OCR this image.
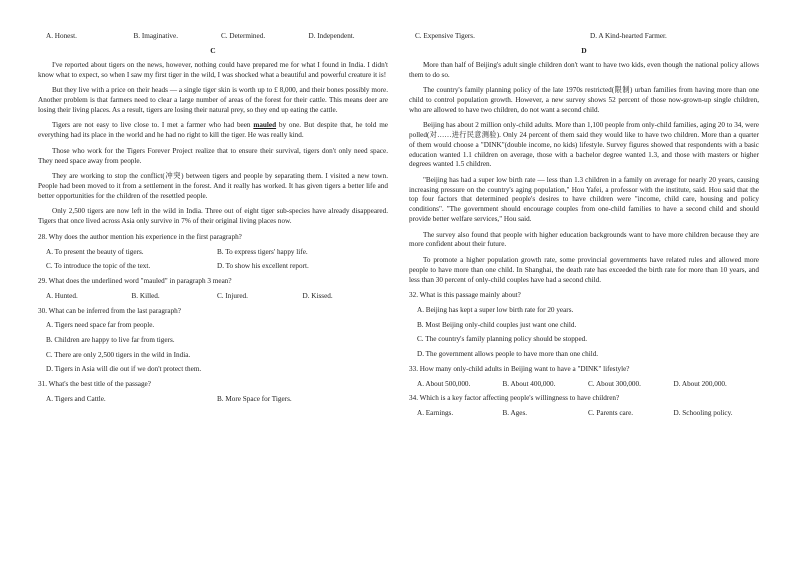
A. Honest.	B. Imaginative.	C. Determined.	D. Independent.
C

I've reported about tigers on the news, however, nothing could have prepared me for what I found in India. I didn't know what to expect, so when I saw my first tiger in the wild, I was shocked what a beautiful and powerful creature it is!

But they live with a price on their heads — a single tiger skin is worth up to £ 8,000, and their bones possibly more. Another problem is that farmers need to clear a large number of areas of the forest for their cattle. This means deer are losing their living places. As a result, tigers are losing their natural prey, so they end up eating the cattle.

Tigers are not easy to live close to. I met a farmer who had been mauled by one. But despite that, he told me everything had its place in the world and he had no right to kill the tiger. He was really kind.

Those who work for the Tigers Forever Project realize that to ensure their survival, tigers don't only need space. They need space away from people.

They are working to stop the conflict(冲突) between tigers and people by separating them. I visited a new town. People had been moved to it from a settlement in the forest. And it really has worked. It has given tigers a better life and better opportunities for the children of the resettled people.

Only 2,500 tigers are now left in the wild in India. Three out of eight tiger sub-species have already disappeared. Tigers that once lived across Asia only survive in 7% of their original living places now.

28. Why does the author mention his experience in the first paragraph?
A. To present the beauty of tigers.	B. To express tigers' happy life.
C. To introduce the topic of the text.	D. To show his excellent report.
29. What does the underlined word "mauled" in paragraph 3 mean?
A. Hunted.	B. Killed.	C. Injured.	D. Kissed.
30. What can be inferred from the last paragraph?
A. Tigers need space far from people.
B. Children are happy to live far from tigers.
C. There are only 2,500 tigers in the wild in India.
D. Tigers in Asia will die out if we don't protect them.
31. What's the best title of the passage?
A. Tigers and Cattle.	B. More Space for Tigers.
C. Expensive Tigers.	D. A Kind-hearted Farmer.
D

More than half of Beijing's adult single children don't want to have two kids, even though the national policy allows them to do so.

The country's family planning policy of the late 1970s restricted(限制) urban families from having more than one child to control population growth. However, a new survey shows 52 percent of those now-grown-up single children, who are allowed to have two children, do not want a second child.

Beijing has about 2 million only-child adults. More than 1,100 people from only-child families, aging 20 to 34, were polled(对……进行民意测验). Only 24 percent of them said they would like to have two children. More than a quarter of them would choose a "DINK"(double income, no kids) lifestyle. Survey figures showed that respondents with a basic education wanted 1.1 children on average, those with a bachelor degree wanted 1.3, and those with masters or higher degrees wanted 1.5 children.

"Beijing has had a super low birth rate — less than 1.3 children in a family on average for nearly 20 years, causing increasing pressure on the country's aging population," Hou Yafei, a professor with the institute, said. Hou said that the top four factors that determined people's desires to have children were "income, child care, housing and policy conditions". "The government should encourage couples from one-child families to have a second child and should provide better welfare services," Hou said.

The survey also found that people with higher education backgrounds want to have more children because they are more confident about their future.

To promote a higher population growth rate, some provincial governments have related rules and allowed more people to have more than one child. In Shanghai, the death rate has exceeded the birth rate for more than 10 years, and less than 30 percent of only-child couples have had a second child.

32. What is this passage mainly about?
A. Beijing has kept a super low birth rate for 20 years.
B. Most Beijing only-child couples just want one child.
C. The country's family planning policy should be stopped.
D. The government allows people to have more than one child.
33. How many only-child adults in Beijing want to have a "DINK" lifestyle?
A. About 500,000.	B. About 400,000.	C. About 300,000.	D. About 200,000.
34. Which is a key factor affecting people's willingness to have children?
A. Earnings.	B. Ages.	C. Parents care.	D. Schooling policy.
